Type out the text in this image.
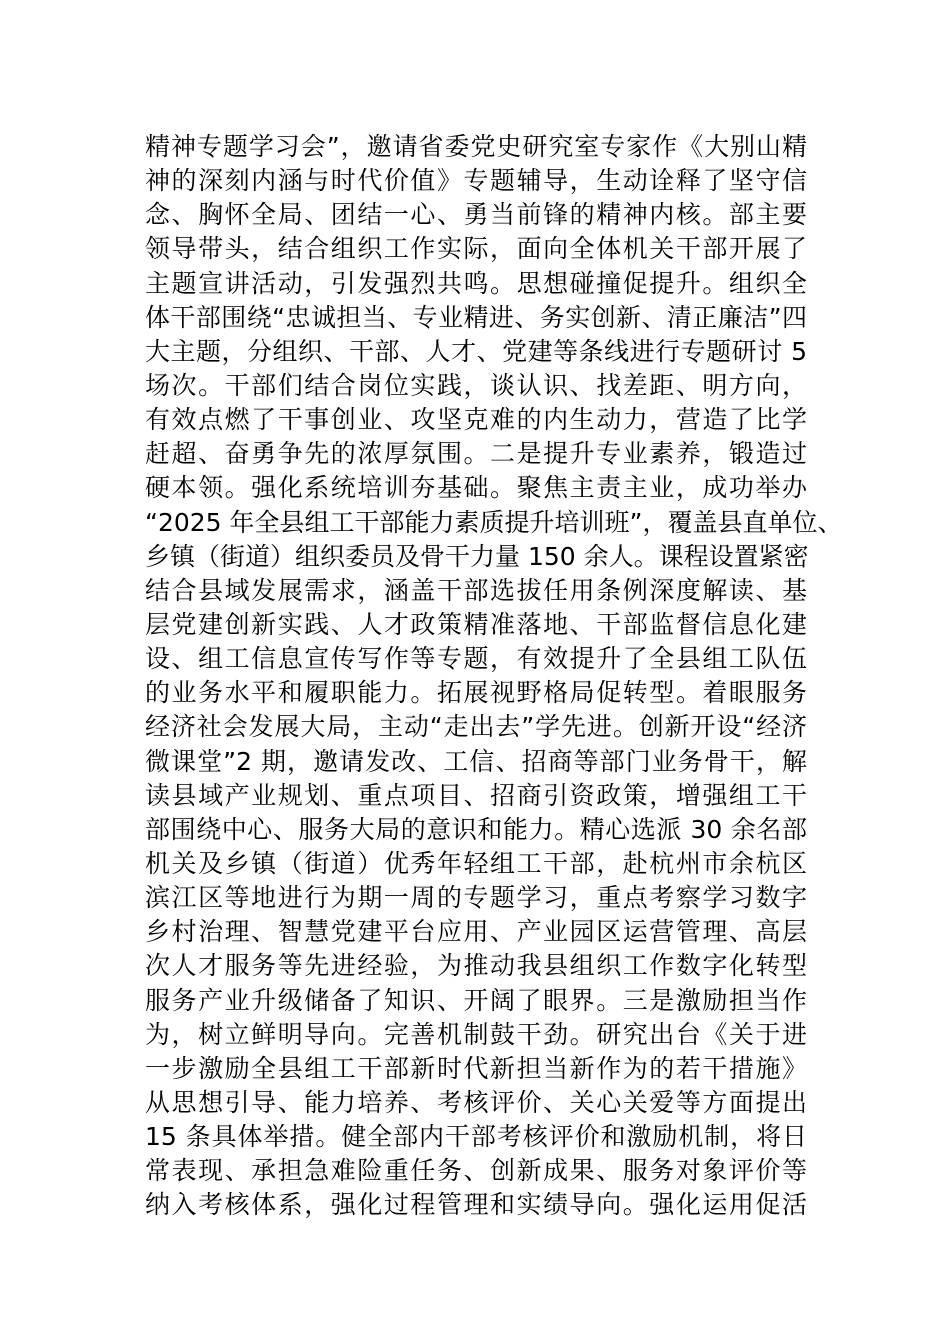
精神专题学习会”，邀请省委党史研究室专家作《大别山精
神的深刻内涵与时代价值》专题辅导，生动诠释了坚守信
念、胸怀全局、团结一心、勇当前锋的精神内核。部主要
领导带头，结合组织工作实际，面向全体机关干部开展了
主题宣讲活动，引发强烈共鸣。思想碰撞促提升。组织全
体干部围绕“忠诚担当、专业精进、务实创新、清正廉洁”四
大主题，分组织、干部、人才、党建等条线进行专题研讨 5
场次。干部们结合岗位实践，谈认识、找差距、明方向，
有效点燃了干事创业、攻坚克难的内生动力，营造了比学
赶超、奋勇争先的浓厚氛围。二是提升专业素养，锻造过
硬本领。强化系统培训夯基础。聚焦主责主业，成功举办
“2025 年全县组工干部能力素质提升培训班”，覆盖县直单位、
乡镇（街道）组织委员及骨干力量 150 余人。课程设置紧密
结合县域发展需求，涵盖干部选拔任用条例深度解读、基
层党建创新实践、人才政策精准落地、干部监督信息化建
设、组工信息宣传写作等专题，有效提升了全县组工队伍
的业务水平和履职能力。拓展视野格局促转型。着眼服务
经济社会发展大局，主动“走出去”学先进。创新开设“经济
微课堂”2 期，邀请发改、工信、招商等部门业务骨干，解
读县域产业规划、重点项目、招商引资政策，增强组工干
部围绕中心、服务大局的意识和能力。精心选派 30 余名部
机关及乡镇（街道）优秀年轻组工干部，赴杭州市余杭区
滨江区等地进行为期一周的专题学习，重点考察学习数字
乡村治理、智慧党建平台应用、产业园区运营管理、高层
次人才服务等先进经验，为推动我县组织工作数字化转型
服务产业升级储备了知识、开阔了眼界。三是激励担当作
为，树立鲜明导向。完善机制鼓干劲。研究出台《关于进
一步激励全县组工干部新时代新担当新作为的若干措施》
从思想引导、能力培养、考核评价、关心关爱等方面提出
15 条具体举措。健全部内干部考核评价和激励机制，将日
常表现、承担急难险重任务、创新成果、服务对象评价等
纳入考核体系，强化过程管理和实绩导向。强化运用促活
